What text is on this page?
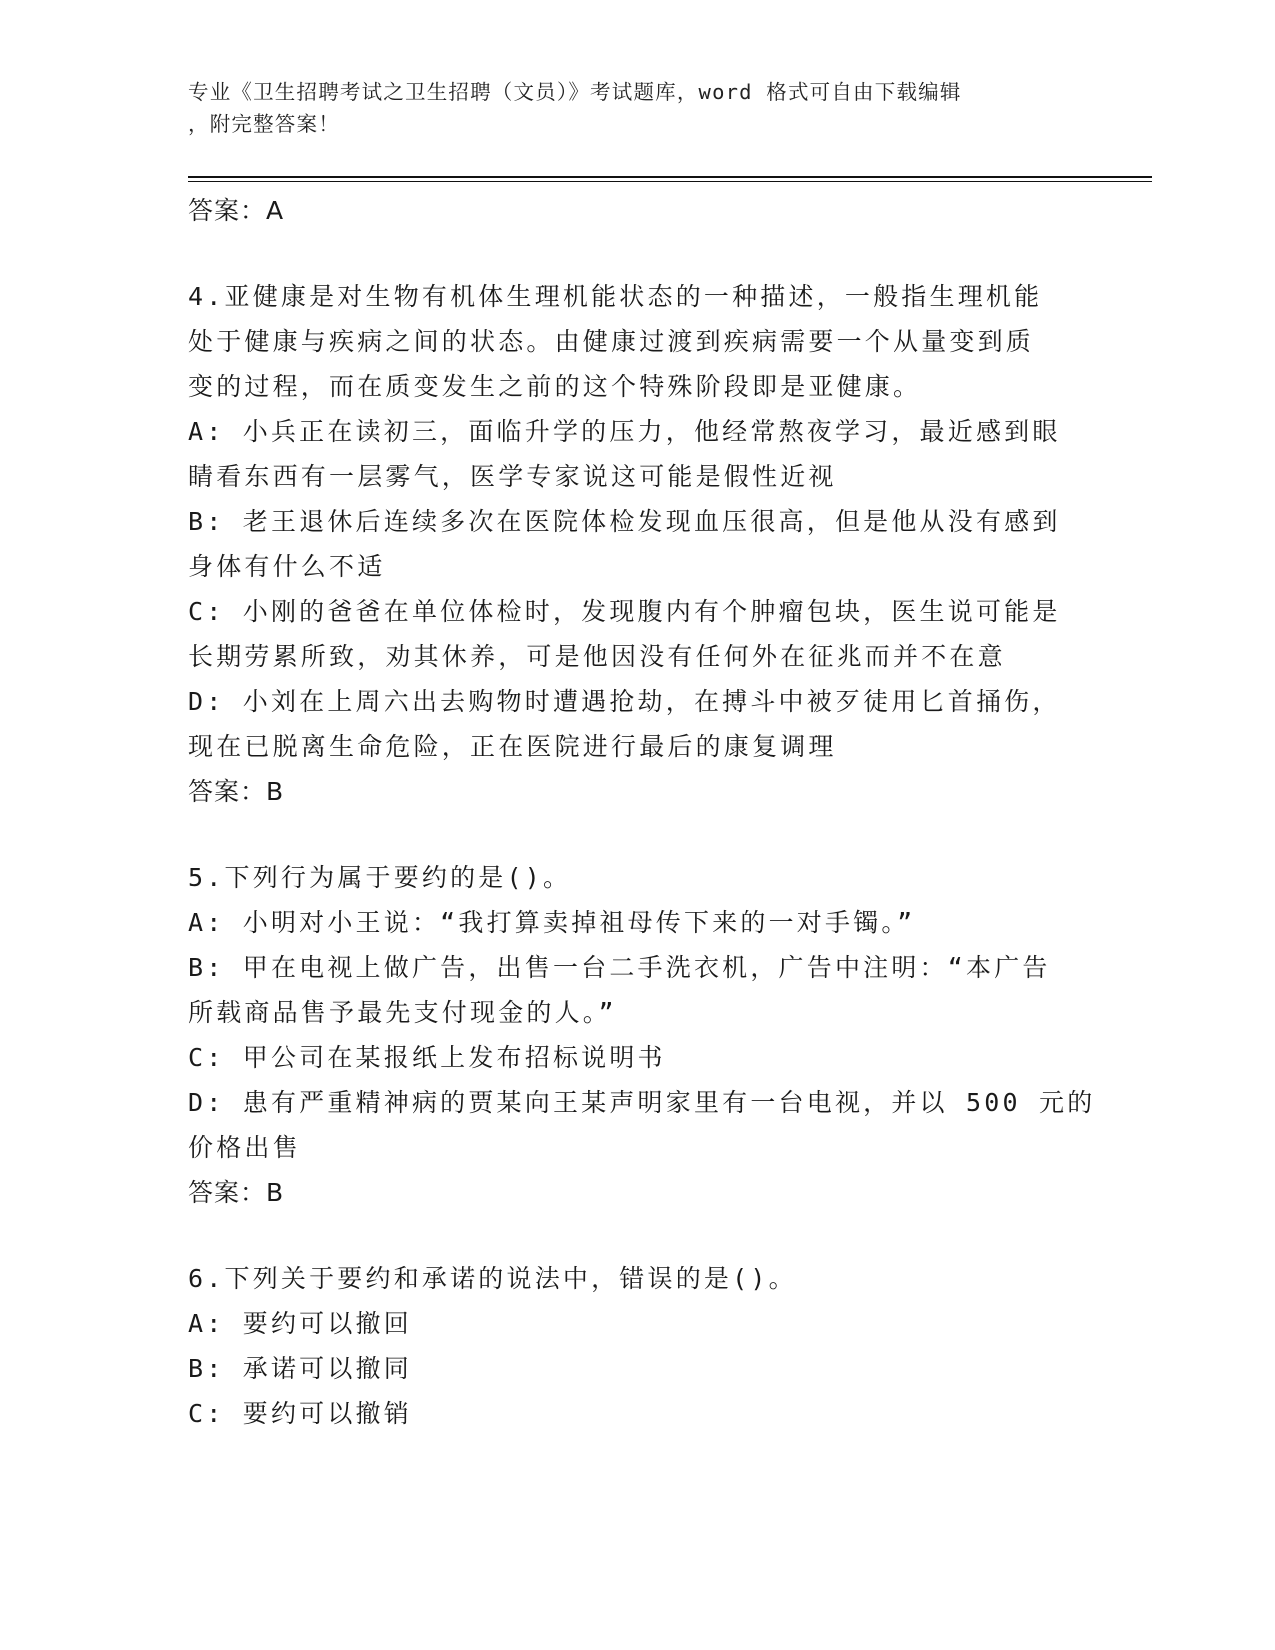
专业《卫生招聘考试之卫生招聘（文员）》考试题库，word 格式可自由下载编辑
，附完整答案！
答案：A
4.亚健康是对生物有机体生理机能状态的一种描述，一般指生理机能
处于健康与疾病之间的状态。由健康过渡到疾病需要一个从量变到质
变的过程，而在质变发生之前的这个特殊阶段即是亚健康。
A: 小兵正在读初三，面临升学的压力，他经常熬夜学习，最近感到眼
睛看东西有一层雾气，医学专家说这可能是假性近视
B: 老王退休后连续多次在医院体检发现血压很高，但是他从没有感到
身体有什么不适
C: 小刚的爸爸在单位体检时，发现腹内有个肿瘤包块，医生说可能是
长期劳累所致，劝其休养，可是他因没有任何外在征兆而并不在意
D: 小刘在上周六出去购物时遭遇抢劫，在搏斗中被歹徒用匕首捅伤，
现在已脱离生命危险，正在医院进行最后的康复调理
答案：B
5.下列行为属于要约的是()。
A: 小明对小王说：“我打算卖掉祖母传下来的一对手镯。”
B: 甲在电视上做广告，出售一台二手洗衣机，广告中注明：“本广告
所载商品售予最先支付现金的人。”
C: 甲公司在某报纸上发布招标说明书
D: 患有严重精神病的贾某向王某声明家里有一台电视，并以 500 元的
价格出售
答案：B
6.下列关于要约和承诺的说法中，错误的是()。
A: 要约可以撤回
B: 承诺可以撤同
C: 要约可以撤销
